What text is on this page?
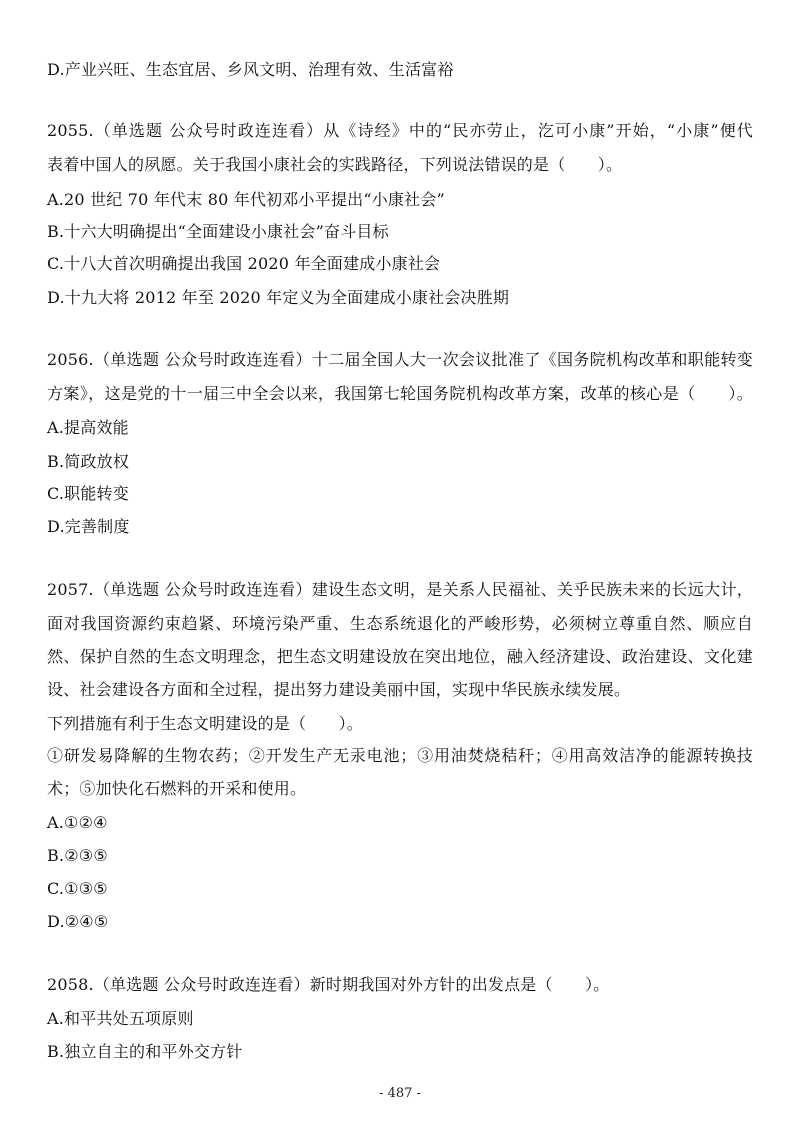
D.产业兴旺、生态宜居、乡风文明、治理有效、生活富裕
2055.（单选题 公众号时政连连看）从《诗经》中的“民亦劳止，汔可小康”开始，“小康”便代
表着中国人的夙愿。关于我国小康社会的实践路径，下列说法错误的是（　　）。
A.20 世纪 70 年代末 80 年代初邓小平提出“小康社会”
B.十六大明确提出“全面建设小康社会”奋斗目标
C.十八大首次明确提出我国 2020 年全面建成小康社会
D.十九大将 2012 年至 2020 年定义为全面建成小康社会决胜期
2056.（单选题 公众号时政连连看）十二届全国人大一次会议批准了《国务院机构改革和职能转变
方案》，这是党的十一届三中全会以来，我国第七轮国务院机构改革方案，改革的核心是（　　）。
A.提高效能
B.简政放权
C.职能转变
D.完善制度
2057.（单选题 公众号时政连连看）建设生态文明，是关系人民福祉、关乎民族未来的长远大计，
面对我国资源约束趋紧、环境污染严重、生态系统退化的严峻形势，必须树立尊重自然、顺应自
然、保护自然的生态文明理念，把生态文明建设放在突出地位，融入经济建设、政治建设、文化建
设、社会建设各方面和全过程，提出努力建设美丽中国，实现中华民族永续发展。
下列措施有利于生态文明建设的是（　　）。
①研发易降解的生物农药；②开发生产无汞电池；③用油焚烧秸秆；④用高效洁净的能源转换技
术；⑤加快化石燃料的开采和使用。
A.①②④
B.②③⑤
C.①③⑤
D.②④⑤
2058.（单选题 公众号时政连连看）新时期我国对外方针的出发点是（　　）。
A.和平共处五项原则
B.独立自主的和平外交方针
- 487 -
